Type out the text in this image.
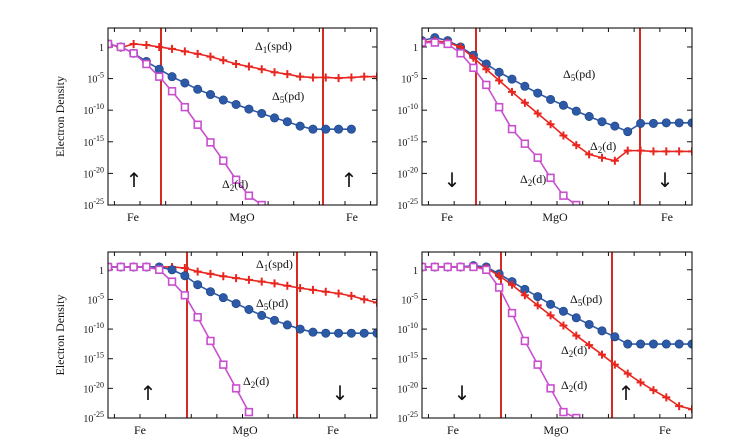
1
$10^{-5}$
$10^{-10}$
$10^{-15}$
$10^{-20}$
$10^{-25}$
$\Delta_1(spd)$
$\Delta_5(pd)$
$\Delta_2(d)$
Fe	MgO	Fe
↑	↑
Electron Density
1
$10^{-5}$
$10^{-10}$
$10^{-15}$
$10^{-20}$
$10^{-25}$
$\Delta_5(pd)$
$\Delta_2(d)$
$\Delta_2(d)$
Fe	MgO	Fe
↓	↓
1
$10^{-5}$
$10^{-10}$
$10^{-15}$
$10^{-20}$
$10^{-25}$
$\Delta_1(spd)$
$\Delta_5(pd)$
$\Delta_2(d)$
Fe	MgO	Fe
↑	↓
Electron Density
1
$10^{-5}$
$10^{-10}$
$10^{-15}$
$10^{-20}$
$10^{-25}$
$\Delta_5(pd)$
$\Delta_2(d)$
$\Delta_2(d)$
Fe	MgO	Fe
↓	↑
